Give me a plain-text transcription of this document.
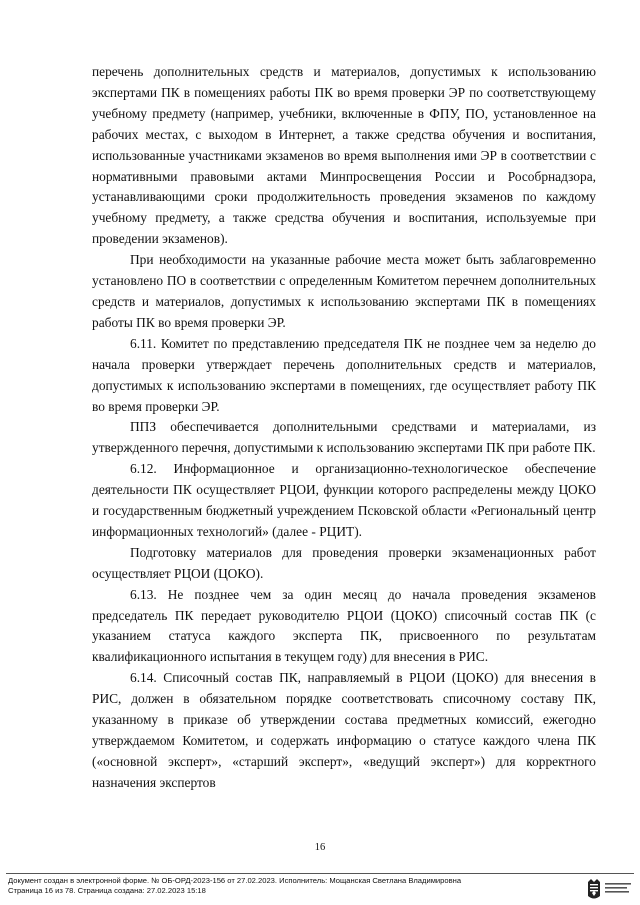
перечень дополнительных средств и материалов, допустимых к использованию экспертами ПК в помещениях работы ПК во время проверки ЭР по соответствующему учебному предмету (например, учебники, включенные в ФПУ, ПО, установленное на рабочих местах, с выходом в Интернет, а также средства обучения и воспитания, использованные участниками экзаменов во время выполнения ими ЭР в соответствии с нормативными правовыми актами Минпросвещения России и Рособрнадзора, устанавливающими сроки продолжительность проведения экзаменов по каждому учебному предмету, а также средства обучения и воспитания, используемые при проведении экзаменов).

При необходимости на указанные рабочие места может быть заблаговременно установлено ПО в соответствии с определенным Комитетом перечнем дополнительных средств и материалов, допустимых к использованию экспертами ПК в помещениях работы ПК во время проверки ЭР.

6.11. Комитет по представлению председателя ПК не позднее чем за неделю до начала проверки утверждает перечень дополнительных средств и материалов, допустимых к использованию экспертами в помещениях, где осуществляет работу ПК во время проверки ЭР.

ППЗ обеспечивается дополнительными средствами и материалами, из утвержденного перечня, допустимыми к использованию экспертами ПК при работе ПК.

6.12. Информационное и организационно-технологическое обеспечение деятельности ПК осуществляет РЦОИ, функции которого распределены между ЦОКО и государственным бюджетный учреждением Псковской области «Региональный центр информационных технологий» (далее - РЦИТ).

Подготовку материалов для проведения проверки экзаменационных работ осуществляет РЦОИ (ЦОКО).

6.13. Не позднее чем за один месяц до начала проведения экзаменов председатель ПК передает руководителю РЦОИ (ЦОКО) списочный состав ПК (с указанием статуса каждого эксперта ПК, присвоенного по результатам квалификационного испытания в текущем году) для внесения в РИС.

6.14. Списочный состав ПК, направляемый в РЦОИ (ЦОКО) для внесения в РИС, должен в обязательном порядке соответствовать списочному составу ПК, указанному в приказе об утверждении состава предметных комиссий, ежегодно утверждаемом Комитетом, и содержать информацию о статусе каждого члена ПК («основной эксперт», «старший эксперт», «ведущий эксперт») для корректного назначения экспертов

16
Документ создан в электронной форме. № ОБ-ОРД-2023-156 от 27.02.2023. Исполнитель: Мощанская Светлана Владимировна
Страница 16 из 78. Страница создана: 27.02.2023 15:18
